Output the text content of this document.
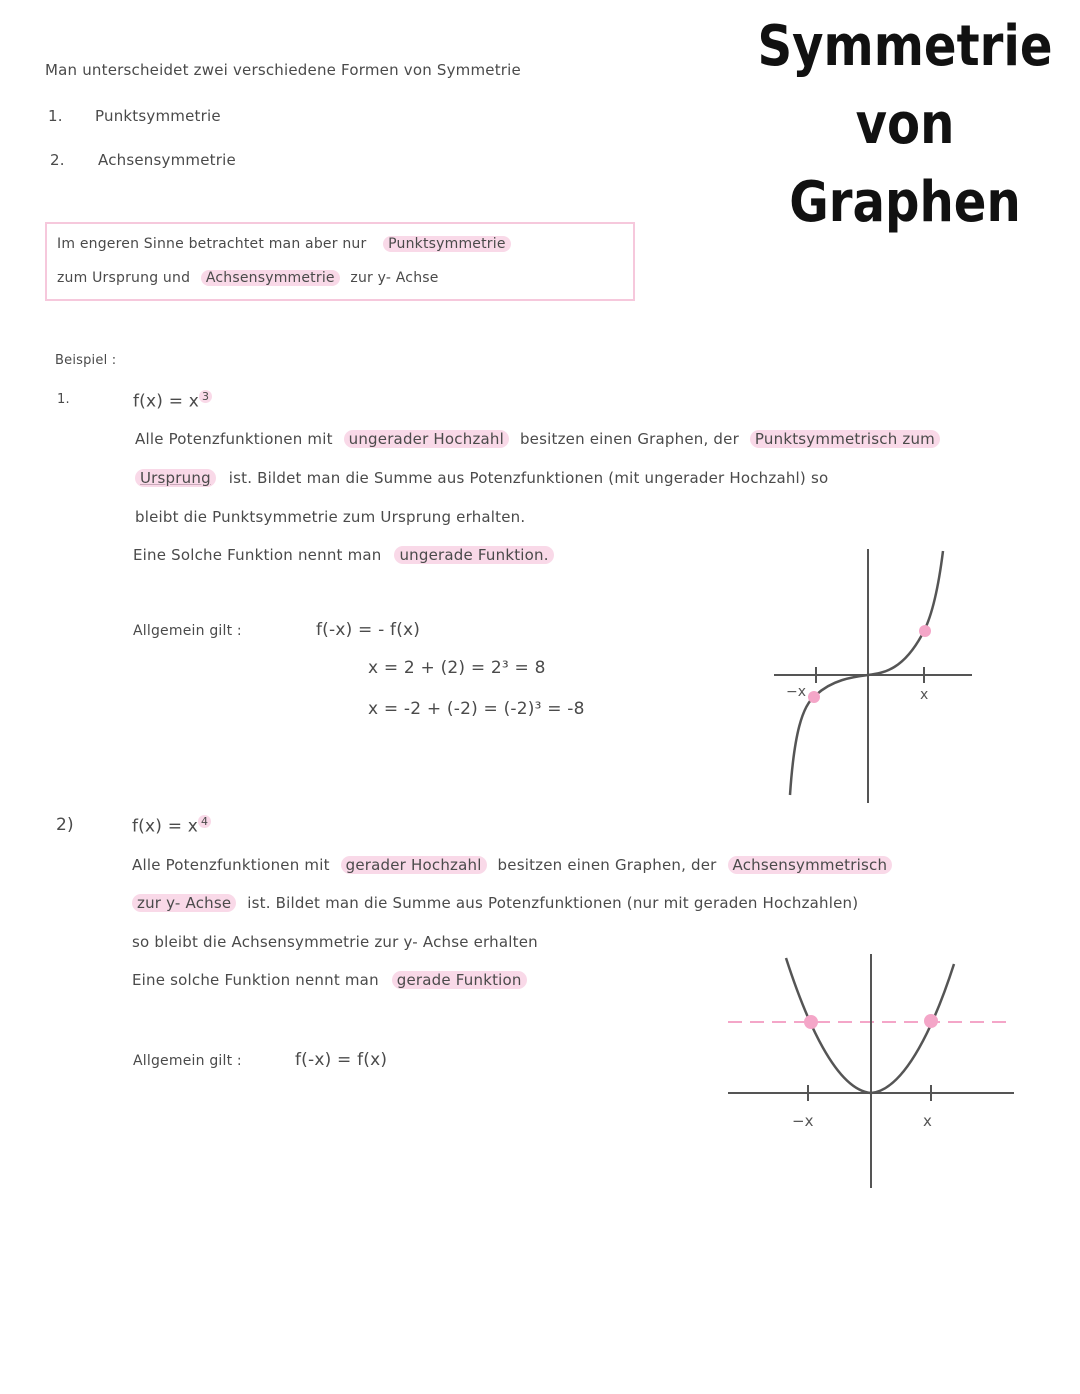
Symmetrie
von
Graphen
Man unterscheidet zwei verschiedene Formen von Symmetrie
1. Punktsymmetrie
2. Achsensymmetrie
Im engeren Sinne betrachtet man aber nur Punktsymmetrie
zum Ursprung und Achsensymmetrie zur y- Achse
Beispiel :
1.	f(x) = x $^3$
Alle Potenzfunktionen mit ungerader Hochzahl besitzen einen Graphen, der Punktsymmetrisch zum
Ursprung ist. Bildet man die Summe aus Potenzfunktionen (mit ungerader Hochzahl) so
bleibt die Punktsymmetrie zum Ursprung erhalten.
Eine Solche Funktion nennt man ungerade Funktion.
Allgemein gilt :	f(-x) = - f(x)
x = 2 + (2) = 2³ = 8
x = -2 + (-2) = (-2)³ = -8
−x	x
2)	f(x) = x $^4$
Alle Potenzfunktionen mit gerader Hochzahl besitzen einen Graphen, der Achsensymmetrisch
zur y- Achse ist. Bildet man die Summe aus Potenzfunktionen (nur mit geraden Hochzahlen)
so bleibt die Achsensymmetrie zur y- Achse erhalten
Eine solche Funktion nennt man gerade Funktion
Allgemein gilt :	f(-x) = f(x)
−x	x
